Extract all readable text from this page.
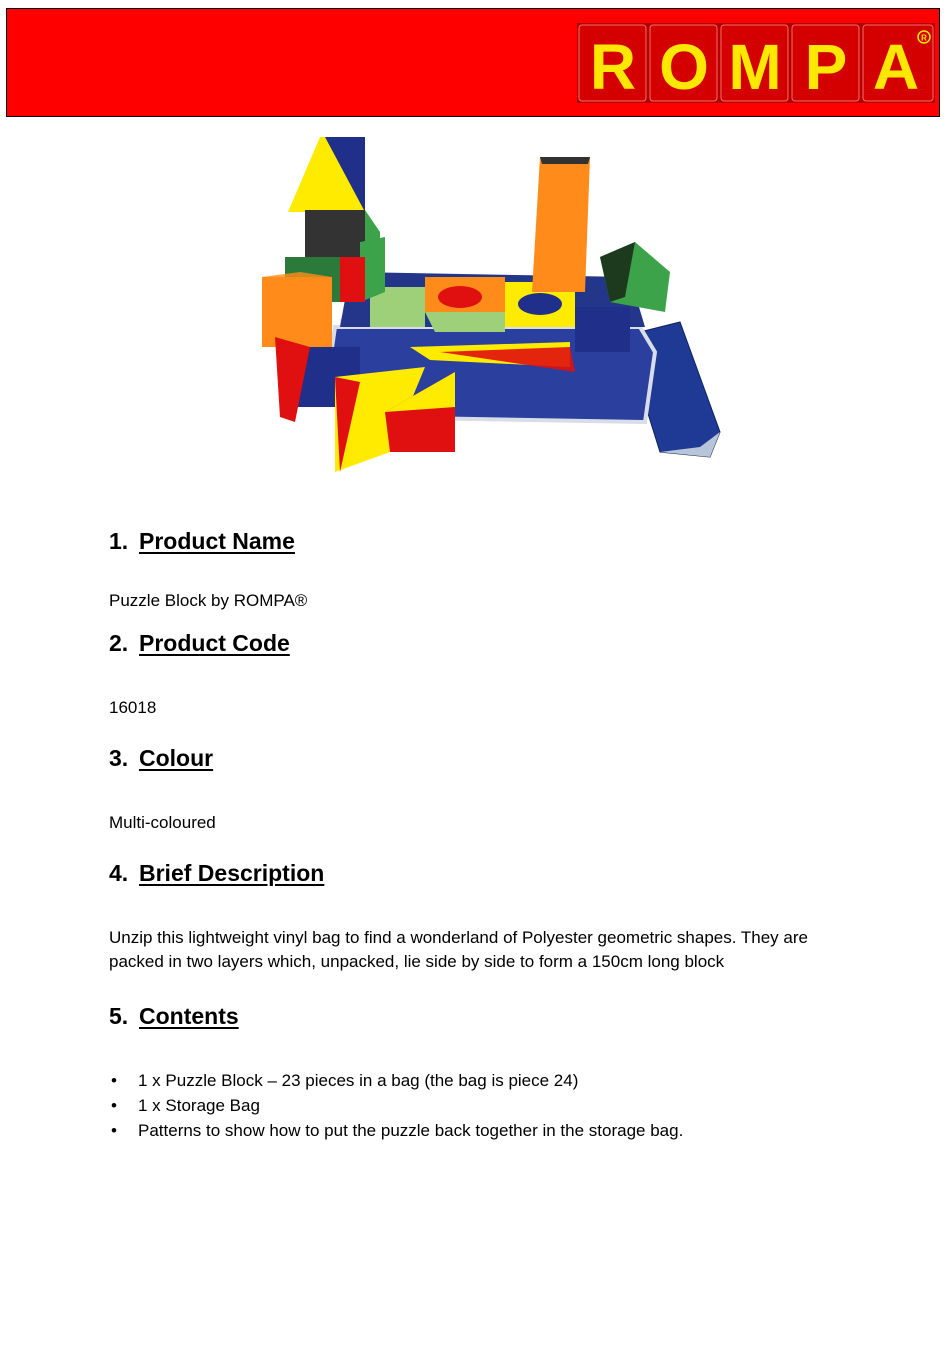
R O M P A R
1. Product Name

Puzzle Block by ROMPA®

2. Product Code

16018

3. Colour

Multi-coloured

4. Brief Description

Unzip this lightweight vinyl bag to find a wonderland of Polyester geometric shapes. They are packed in two layers which, unpacked, lie side by side to form a 150cm long block

5. Contents
• 1 x Puzzle Block – 23 pieces in a bag (the bag is piece 24)
• 1 x Storage Bag
• Patterns to show how to put the puzzle back together in the storage bag.
